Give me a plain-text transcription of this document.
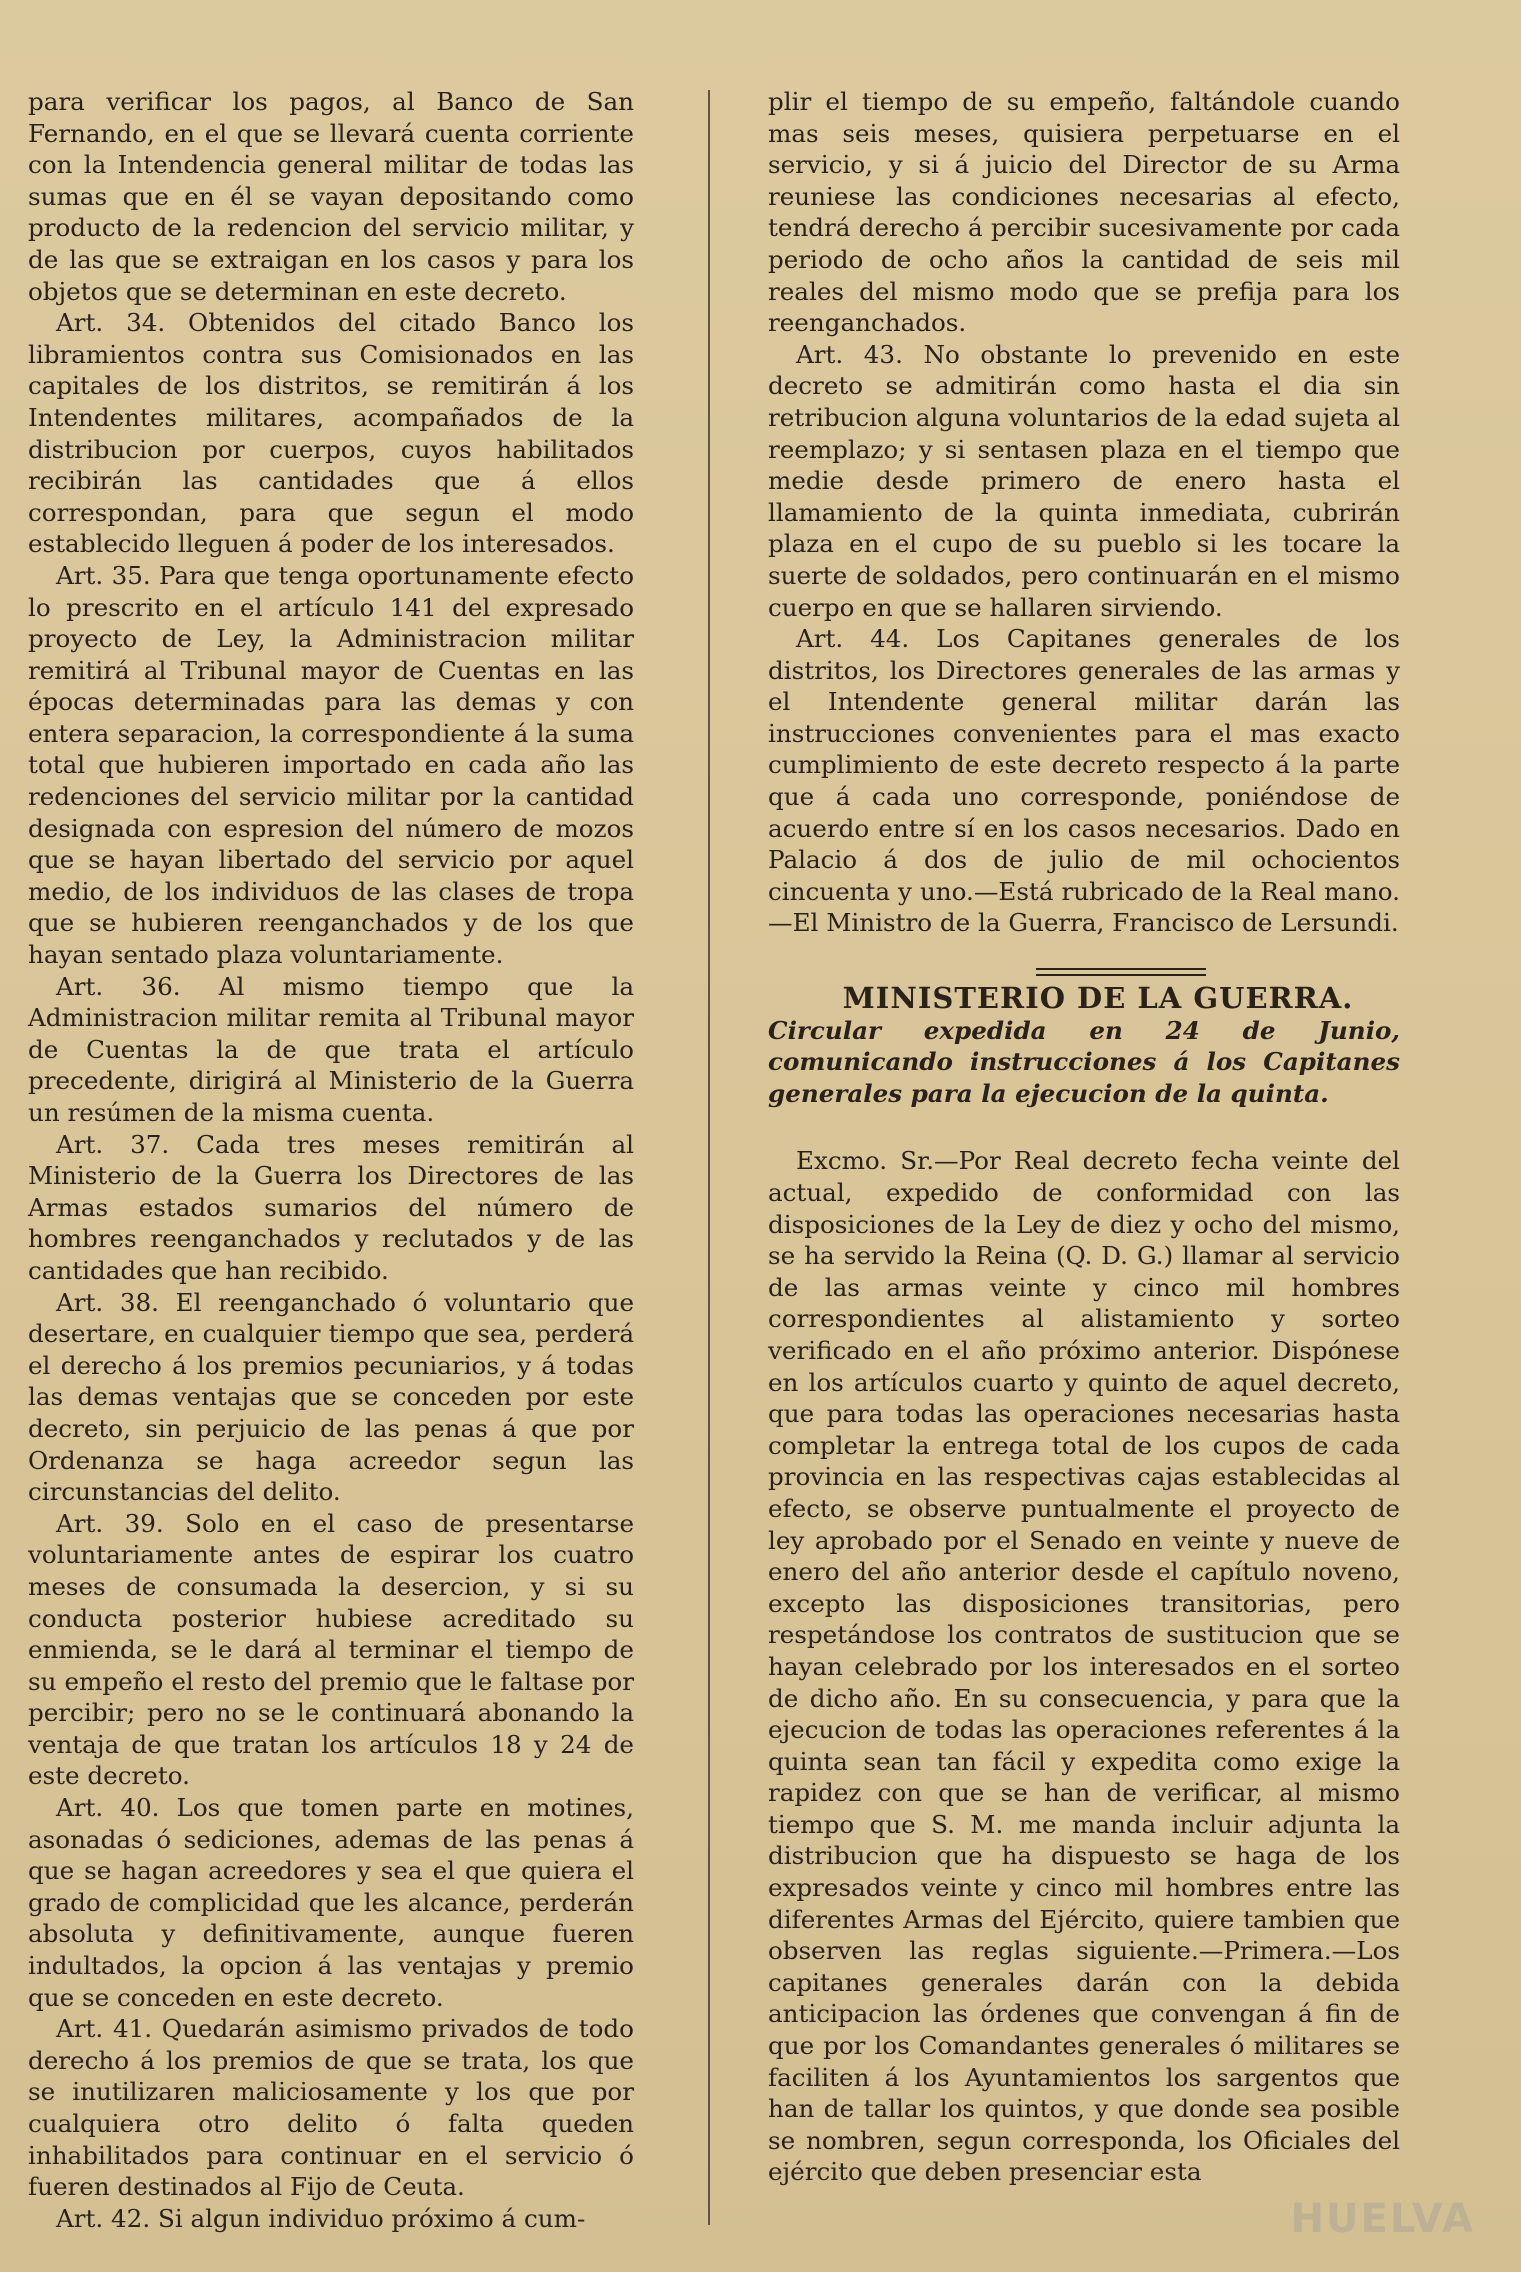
para verificar los pagos, al Banco de San Fernando, en el que se llevará cuenta corriente con la Intendencia general militar de todas las sumas que en él se vayan depositando como producto de la redencion del servicio militar, y de las que se extraigan en los casos y para los objetos que se determinan en este decreto.

Art. 34. Obtenidos del citado Banco los libramientos contra sus Comisionados en las capitales de los distritos, se remitirán á los Intendentes militares, acompañados de la distribucion por cuerpos, cuyos habilitados recibirán las cantidades que á ellos correspondan, para que segun el modo establecido lleguen á poder de los interesados.

Art. 35. Para que tenga oportunamente efecto lo prescrito en el artículo 141 del expresado proyecto de Ley, la Administracion militar remitirá al Tribunal mayor de Cuentas en las épocas determinadas para las demas y con entera separacion, la correspondiente á la suma total que hubieren importado en cada año las redenciones del servicio militar por la cantidad designada con espresion del número de mozos que se hayan libertado del servicio por aquel medio, de los individuos de las clases de tropa que se hubieren reenganchados y de los que hayan sentado plaza voluntariamente.

Art. 36. Al mismo tiempo que la Administracion militar remita al Tribunal mayor de Cuentas la de que trata el artículo precedente, dirigirá al Ministerio de la Guerra un resúmen de la misma cuenta.

Art. 37. Cada tres meses remitirán al Ministerio de la Guerra los Directores de las Armas estados sumarios del número de hombres reenganchados y reclutados y de las cantidades que han recibido.

Art. 38. El reenganchado ó voluntario que desertare, en cualquier tiempo que sea, perderá el derecho á los premios pecuniarios, y á todas las demas ventajas que se conceden por este decreto, sin perjuicio de las penas á que por Ordenanza se haga acreedor segun las circunstancias del delito.

Art. 39. Solo en el caso de presentarse voluntariamente antes de espirar los cuatro meses de consumada la desercion, y si su conducta posterior hubiese acreditado su enmienda, se le dará al terminar el tiempo de su empeño el resto del premio que le faltase por percibir; pero no se le continuará abonando la ventaja de que tratan los artículos 18 y 24 de este decreto.

Art. 40. Los que tomen parte en motines, asonadas ó sediciones, ademas de las penas á que se hagan acreedores y sea el que quiera el grado de complicidad que les alcance, perderán absoluta y definitivamente, aunque fueren indultados, la opcion á las ventajas y premio que se conceden en este decreto.

Art. 41. Quedarán asimismo privados de todo derecho á los premios de que se trata, los que se inutilizaren maliciosamente y los que por cualquiera otro delito ó falta queden inhabilitados para continuar en el servicio ó fueren destinados al Fijo de Ceuta.

Art. 42. Si algun individuo próximo á cum-

plir el tiempo de su empeño, faltándole cuando mas seis meses, quisiera perpetuarse en el servicio, y si á juicio del Director de su Arma reuniese las condiciones necesarias al efecto, tendrá derecho á percibir sucesivamente por cada periodo de ocho años la cantidad de seis mil reales del mismo modo que se prefija para los reenganchados.

Art. 43. No obstante lo prevenido en este decreto se admitirán como hasta el dia sin retribucion alguna voluntarios de la edad sujeta al reemplazo; y si sentasen plaza en el tiempo que medie desde primero de enero hasta el llamamiento de la quinta inmediata, cubrirán plaza en el cupo de su pueblo si les tocare la suerte de soldados, pero continuarán en el mismo cuerpo en que se hallaren sirviendo.

Art. 44. Los Capitanes generales de los distritos, los Directores generales de las armas y el Intendente general militar darán las instrucciones convenientes para el mas exacto cumplimiento de este decreto respecto á la parte que á cada uno corresponde, poniéndose de acuerdo entre sí en los casos necesarios. Dado en Palacio á dos de julio de mil ochocientos cincuenta y uno.—Está rubricado de la Real mano.—El Ministro de la Guerra, Francisco de Lersundi.

MINISTERIO DE LA GUERRA.

Circular expedida en 24 de Junio, comunicando instrucciones á los Capitanes generales para la ejecucion de la quinta.

Excmo. Sr.—Por Real decreto fecha veinte del actual, expedido de conformidad con las disposiciones de la Ley de diez y ocho del mismo, se ha servido la Reina (Q. D. G.) llamar al servicio de las armas veinte y cinco mil hombres correspondientes al alistamiento y sorteo verificado en el año próximo anterior. Dispónese en los artículos cuarto y quinto de aquel decreto, que para todas las operaciones necesarias hasta completar la entrega total de los cupos de cada provincia en las respectivas cajas establecidas al efecto, se observe puntualmente el proyecto de ley aprobado por el Senado en veinte y nueve de enero del año anterior desde el capítulo noveno, excepto las disposiciones transitorias, pero respetándose los contratos de sustitucion que se hayan celebrado por los interesados en el sorteo de dicho año. En su consecuencia, y para que la ejecucion de todas las operaciones referentes á la quinta sean tan fácil y expedita como exige la rapidez con que se han de verificar, al mismo tiempo que S. M. me manda incluir adjunta la distribucion que ha dispuesto se haga de los expresados veinte y cinco mil hombres entre las diferentes Armas del Ejército, quiere tambien que observen las reglas siguiente.—Primera.—Los capitanes generales darán con la debida anticipacion las órdenes que convengan á fin de que por los Comandantes generales ó militares se faciliten á los Ayuntamientos los sargentos que han de tallar los quintos, y que donde sea posible se nombren, segun corresponda, los Oficiales del ejército que deben presenciar esta

HUELVA
